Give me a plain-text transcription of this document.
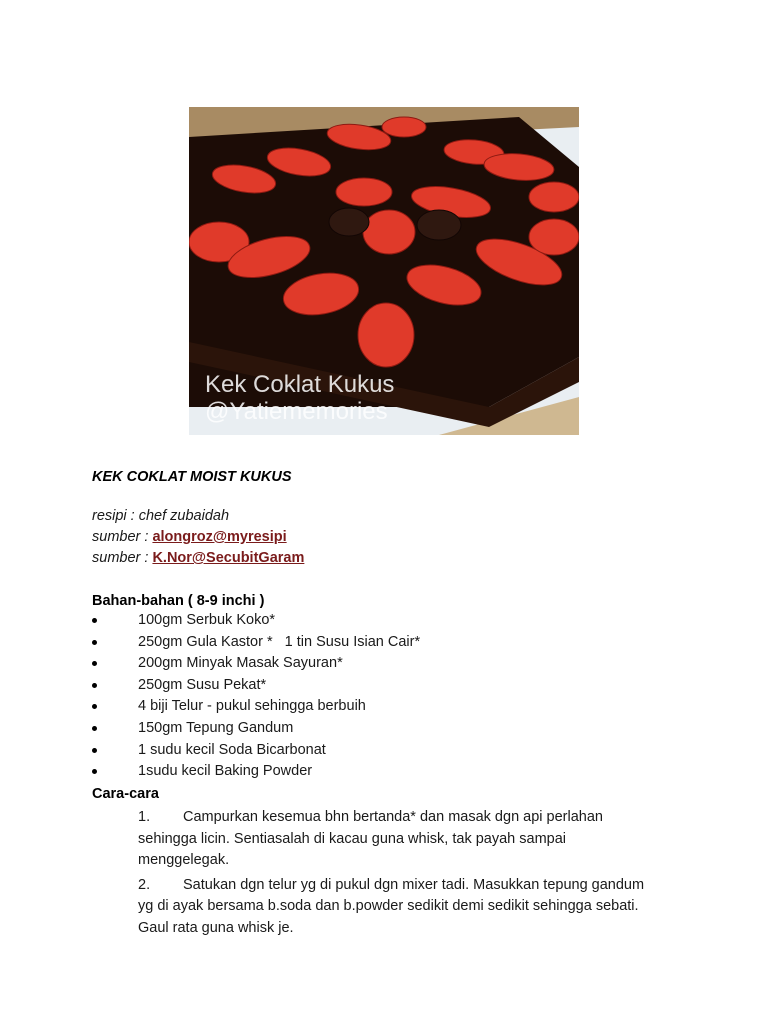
Kek Coklat Kukus
@Yatiememories
KEK COKLAT MOIST KUKUS
resipi : chef zubaidah
sumber : alongroz@myresipi
sumber : K.Nor@SecubitGaram
Bahan-bahan ( 8-9 inchi )
100gm Serbuk Koko*
250gm Gula Kastor *   1 tin Susu Isian Cair*
200gm Minyak Masak Sayuran*
250gm Susu Pekat*
4 biji Telur - pukul sehingga berbuih
150gm Tepung Gandum
1 sudu kecil Soda Bicarbonat
1sudu kecil Baking Powder
Cara-cara
1. Campurkan kesemua bhn bertanda* dan masak dgn api perlahan sehingga licin. Sentiasalah di kacau guna whisk, tak payah sampai menggelegak.
2. Satukan dgn telur yg di pukul dgn mixer tadi. Masukkan tepung gandum yg di ayak bersama b.soda dan b.powder sedikit demi sedikit sehingga sebati. Gaul rata guna whisk je.
